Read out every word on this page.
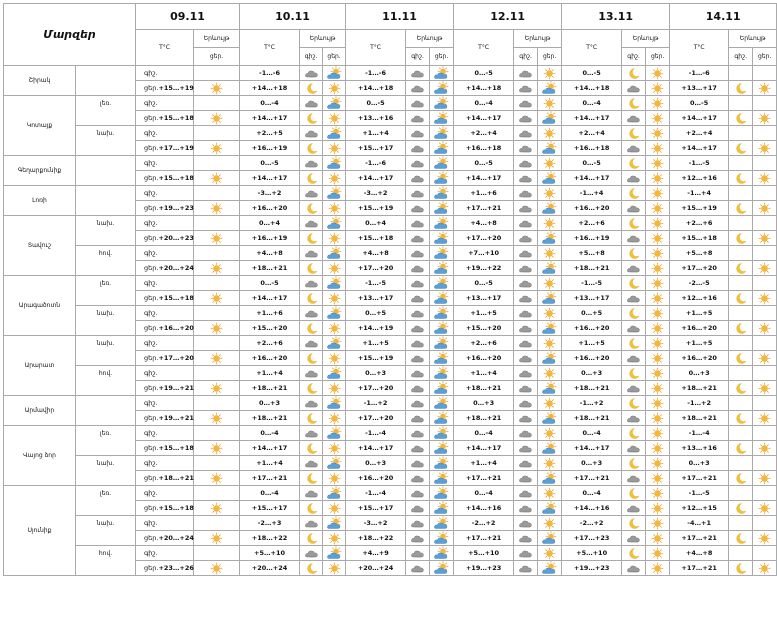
Մարզեր		09.11		10.11			11.11			12.11			13.11			14.11		
		T°C	Երևույթ	T°C	Երևույթ		T°C	Երևույթ		T°C	Երևույթ		T°C	Երևույթ		T°C	Երևույթ	
			ցեր.		գիշ.	ցեր.		գիշ.	ցեր.		գիշ.	ցեր.		գիշ.	ցեր.		գիշ.	ցեր.
Շիրակ		գիշ.		-1…-6			-1…-6			0…-5			0…-5			-1…-6		

		ցեր. +15…+19		+14…+18			+14…+18			+14…+18			+14…+18			+13…+17	

Կոտայք	լեռ.	գիշ.		0…-4			0…-5			0…-4			0…-4			0…-5		

		ցեր. +15…+18		+14…+17			+13…+16			+14…+17			+14…+17			+14…+17	

	նախ.	գիշ.		+2…+5			+1…+4			+2…+4			+2…+4			+2…+4		

		ցեր. +17…+19		+16…+19			+15…+17			+16…+18			+16…+18			+14…+17	

Գեղարքունիք		գիշ.		0…-5			-1…-6			0…-5			0…-5			-1…-5		

		ցեր. +15…+18		+14…+17			+14…+17			+14…+17			+14…+17			+12…+16	

Լոռի		գիշ.		-3…+2			-3…+2			+1…+6			-1…+4			-1…+4		

		ցեր. +19…+23		+16…+20			+15…+19			+17…+21			+16…+20			+15…+19	

Տավուշ	նախ.	գիշ.		0…+4			0…+4			+4…+8			+2…+6			+2…+6		

		ցեր. +20…+23		+16…+19			+15…+18			+17…+20			+16…+19			+15…+18	

	հով.	գիշ.		+4…+8			+4…+8			+7…+10			+5…+8			+5…+8		

		ցեր. +20…+24		+18…+21			+17…+20			+19…+22			+18…+21			+17…+20	

Արագածոտն	լեռ.	գիշ.		0…-5			-1…-5			0…-5			-1…-5			-2…-5		

		ցեր. +15…+18		+14…+17			+13…+17			+13…+17			+13…+17			+12…+16	

	նախ.	գիշ.		+1…+6			0…+5			+1…+5			0…+5			+1…+5		

		ցեր. +16…+20		+15…+20			+14…+19			+15…+20			+16…+20			+16…+20	

Արարատ	նախ.	գիշ.		+2…+6			+1…+5			+2…+6			+1…+5			+1…+5		

		ցեր. +17…+20		+16…+20			+15…+19			+16…+20			+16…+20			+16…+20	

	հով.	գիշ.		+1…+4			0…+3			+1…+4			0…+3			0…+3		

		ցեր. +19…+21		+18…+21			+17…+20			+18…+21			+18…+21			+18…+21	

Արմավիր		գիշ.		0…+3			-1…+2			0…+3			-1…+2			-1…+2		

		ցեր. +19…+21		+18…+21			+17…+20			+18…+21			+18…+21			+18…+21	

Վայոց ձոր	լեռ.	գիշ.		0…-4			-1…-4			0…-4			0…-4			-1…-4		

		ցեր. +15…+18		+14…+17			+14…+17			+14…+17			+14…+17			+13…+16	

	նախ.	գիշ.		+1…+4			0…+3			+1…+4			0…+3			0…+3		

		ցեր. +18…+21		+17…+21			+16…+20			+17…+21			+17…+21			+17…+21	

Սյունիք	լեռ.	գիշ.		0…-4			-1…-4			0…-4			0…-4			-1…-5		

		ցեր. +15…+18		+15…+17			+15…+17			+14…+16			+14…+16			+12…+15	

	նախ.	գիշ.		-2…+3			-3…+2			-2…+2			-2…+2			-4…+1		

		ցեր. +20…+24		+18…+22			+18…+22			+17…+21			+17…+23			+17…+21	

	հով.	գիշ.		+5…+10			+4…+9			+5…+10			+5…+10			+4…+8		

		ցեր. +23…+26		+20…+24			+20…+24			+19…+23			+19…+23			+17…+21	
